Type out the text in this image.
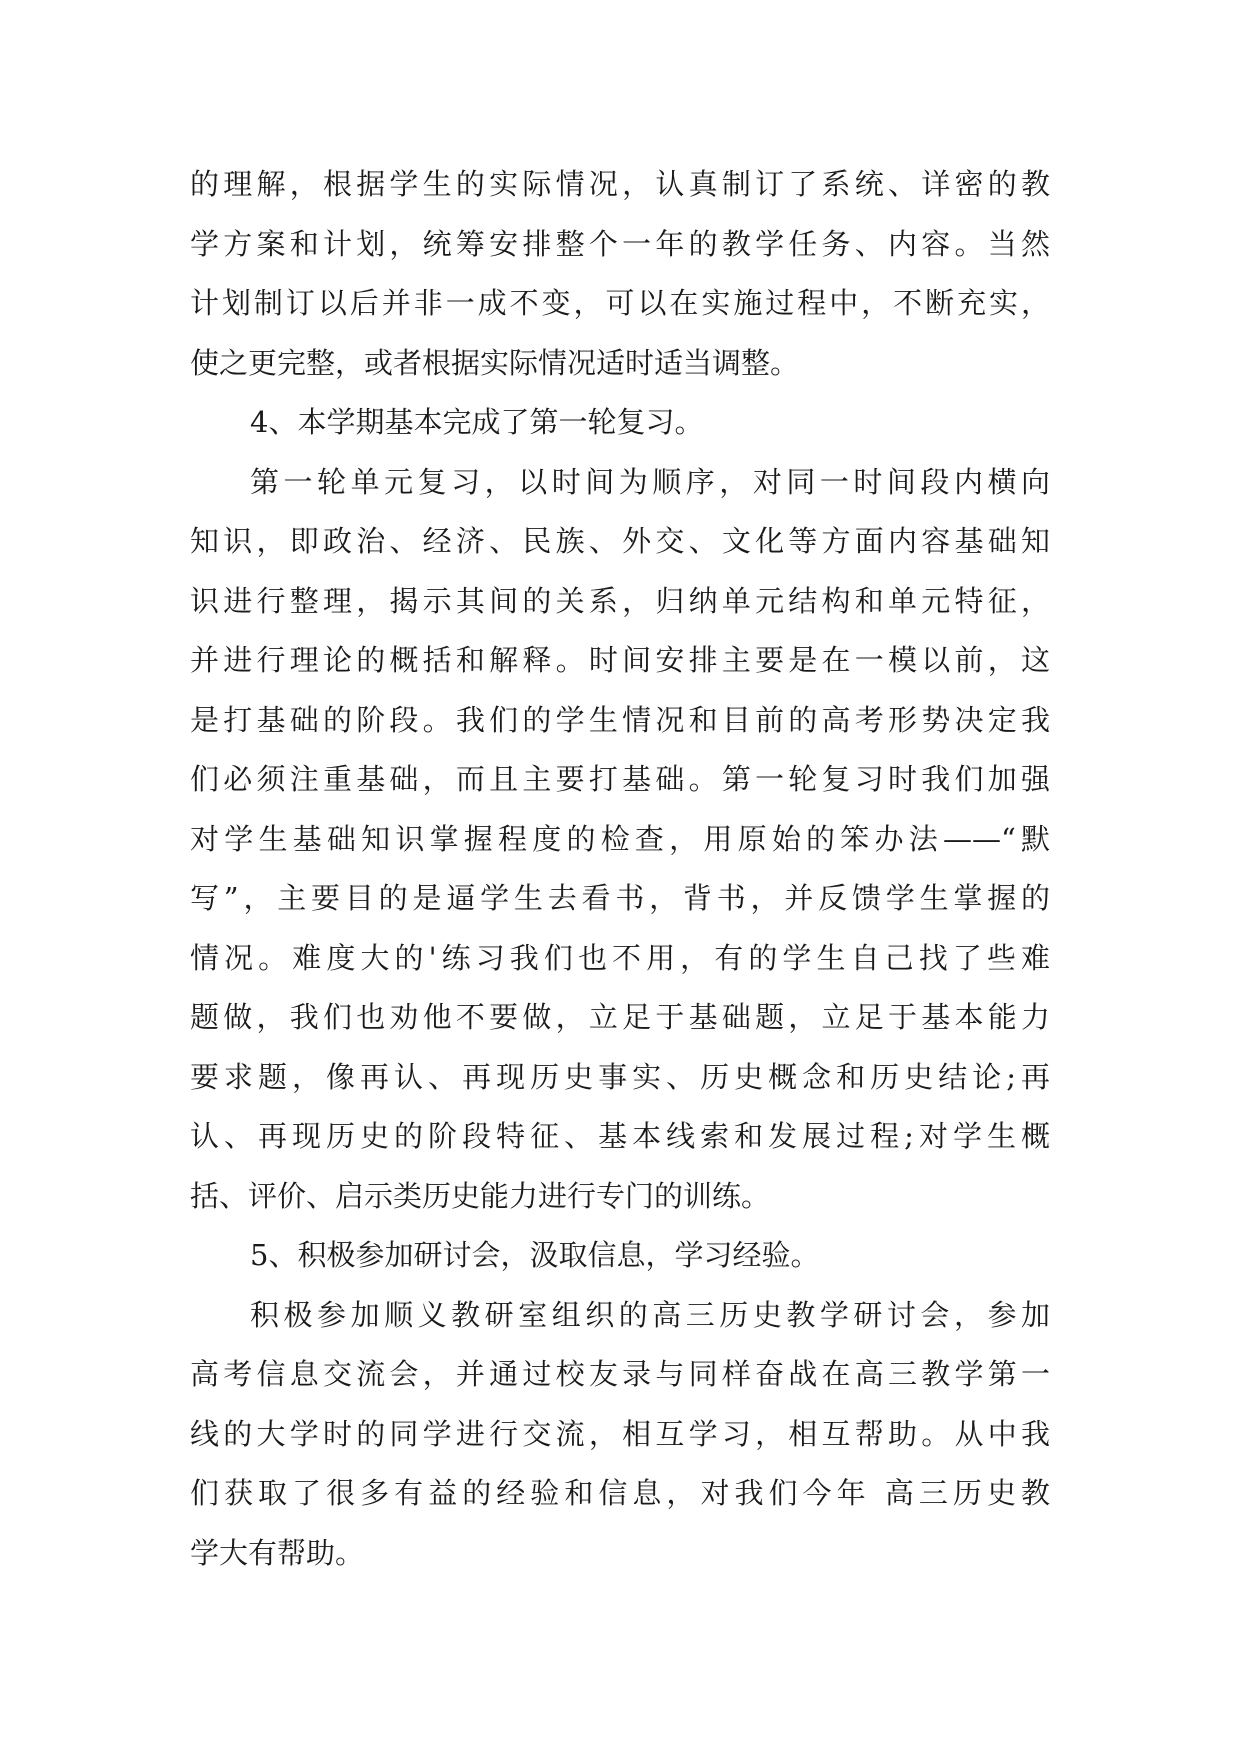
的理解，根据学生的实际情况，认真制订了系统、详密的教
学方案和计划，统筹安排整个一年的教学任务、内容。当然
计划制订以后并非一成不变，可以在实施过程中，不断充实，
使之更完整，或者根据实际情况适时适当调整。
4、本学期基本完成了第一轮复习。
第一轮单元复习，以时间为顺序，对同一时间段内横向
知识，即政治、经济、民族、外交、文化等方面内容基础知
识进行整理，揭示其间的关系，归纳单元结构和单元特征，
并进行理论的概括和解释。时间安排主要是在一模以前，这
是打基础的阶段。我们的学生情况和目前的高考形势决定我
们必须注重基础，而且主要打基础。第一轮复习时我们加强
对学生基础知识掌握程度的检查，用原始的笨办法——“默
写”，主要目的是逼学生去看书，背书，并反馈学生掌握的
情况。难度大的'练习我们也不用，有的学生自己找了些难
题做，我们也劝他不要做，立足于基础题，立足于基本能力
要求题，像再认、再现历史事实、历史概念和历史结论;再
认、再现历史的阶段特征、基本线索和发展过程;对学生概
括、评价、启示类历史能力进行专门的训练。
5、积极参加研讨会，汲取信息，学习经验。
积极参加顺义教研室组织的高三历史教学研讨会，参加
高考信息交流会，并通过校友录与同样奋战在高三教学第一
线的大学时的同学进行交流，相互学习，相互帮助。从中我
们获取了很多有益的经验和信息，对我们今年 高三历史教
学大有帮助。
